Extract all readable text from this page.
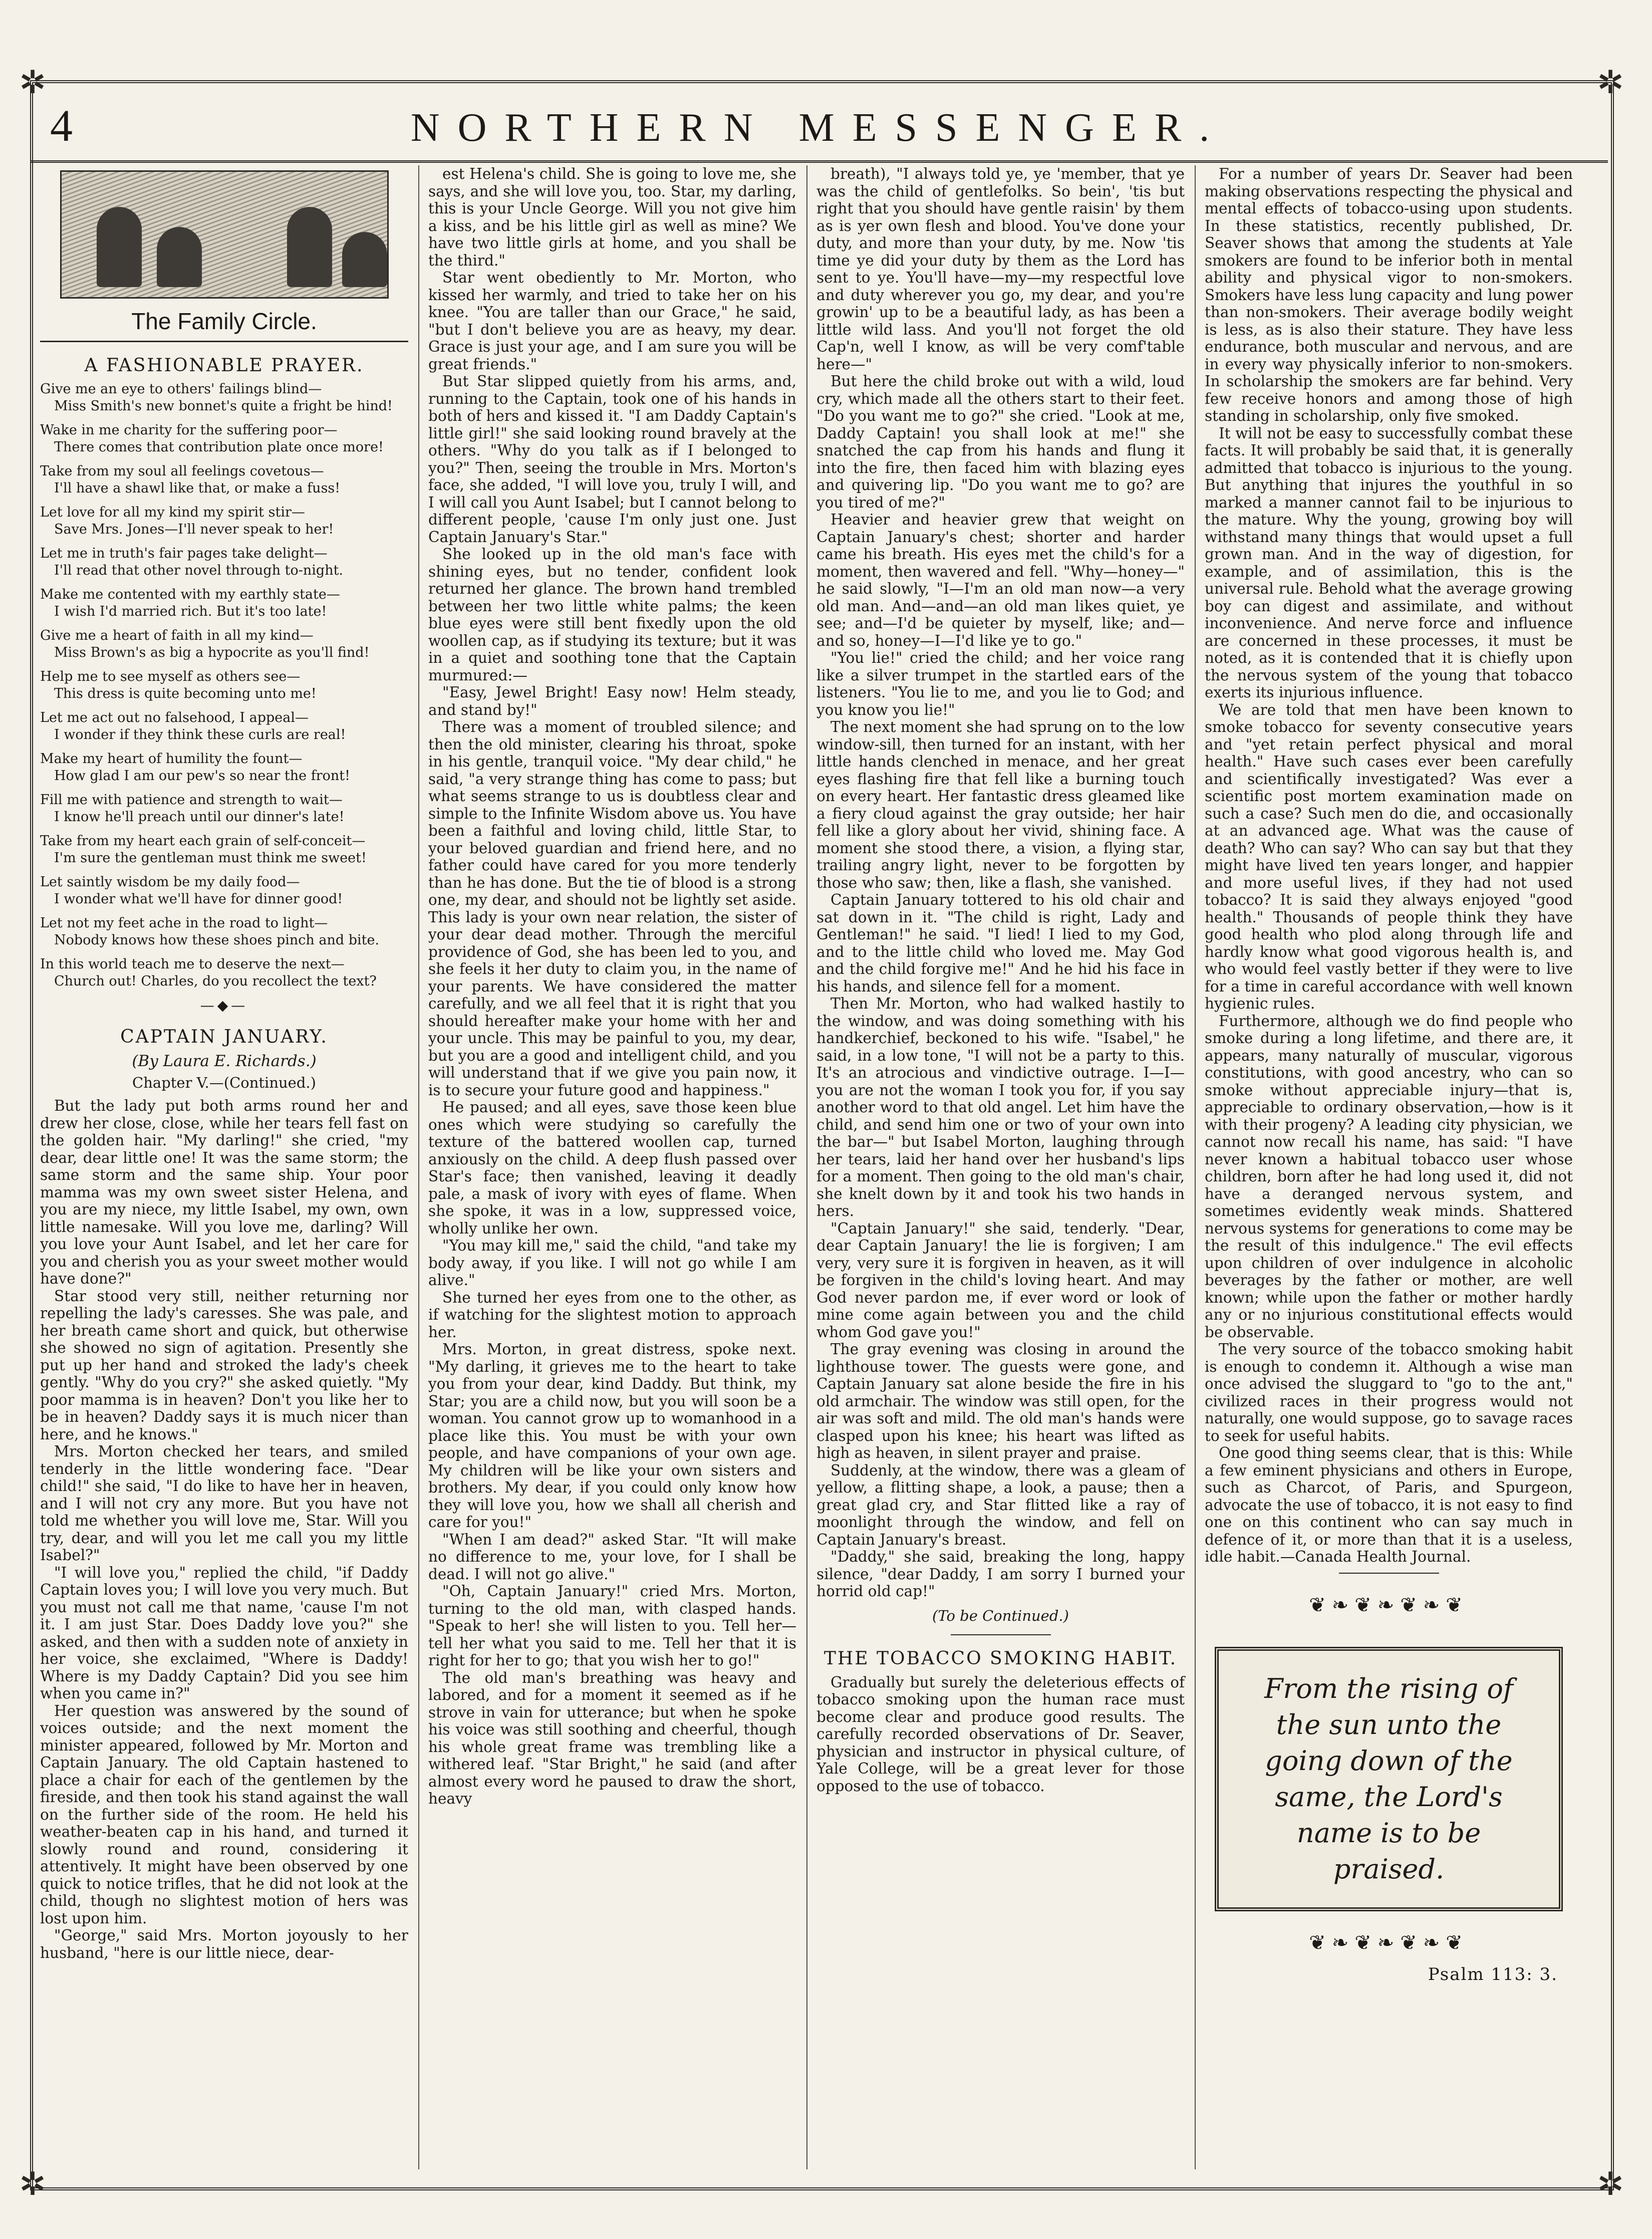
✲	✲
✲	✲
4	NORTHERN MESSENGER.
The Family Circle.
A FASHIONABLE PRAYER.

Give me an eye to others' failings blind—
Miss Smith's new bonnet's quite a fright be hind!

Wake in me charity for the suffering poor—
There comes that contribution plate once more!

Take from my soul all feelings covetous—
I'll have a shawl like that, or make a fuss!

Let love for all my kind my spirit stir—
Save Mrs. Jones—I'll never speak to her!

Let me in truth's fair pages take delight—
I'll read that other novel through to-night.

Make me contented with my earthly state—
I wish I'd married rich. But it's too late!

Give me a heart of faith in all my kind—
Miss Brown's as big a hypocrite as you'll find!

Help me to see myself as others see—
This dress is quite becoming unto me!

Let me act out no falsehood, I appeal—
I wonder if they think these curls are real!

Make my heart of humility the fount—
How glad I am our pew's so near the front!

Fill me with patience and strength to wait—
I know he'll preach until our dinner's late!

Take from my heart each grain of self-conceit—
I'm sure the gentleman must think me sweet!

Let saintly wisdom be my daily food—
I wonder what we'll have for dinner good!

Let not my feet ache in the road to light—
Nobody knows how these shoes pinch and bite.

In this world teach me to deserve the next—
Church out! Charles, do you recollect the text?

—◆—
CAPTAIN JANUARY.
(By Laura E. Richards.)
Chapter V.—(Continued.)

But the lady put both arms round her and drew her close, close, while her tears fell fast on the golden hair. "My darling!" she cried, "my dear, dear little one! It was the same storm; the same storm and the same ship. Your poor mamma was my own sweet sister Helena, and you are my niece, my little Isabel, my own, own little namesake. Will you love me, darling? Will you love your Aunt Isabel, and let her care for you and cherish you as your sweet mother would have done?"

Star stood very still, neither returning nor repelling the lady's caresses. She was pale, and her breath came short and quick, but otherwise she showed no sign of agitation. Presently she put up her hand and stroked the lady's cheek gently. "Why do you cry?" she asked quietly. "My poor mamma is in heaven? Don't you like her to be in heaven? Daddy says it is much nicer than here, and he knows."

Mrs. Morton checked her tears, and smiled tenderly in the little wondering face. "Dear child!" she said, "I do like to have her in heaven, and I will not cry any more. But you have not told me whether you will love me, Star. Will you try, dear, and will you let me call you my little Isabel?"

"I will love you," replied the child, "if Daddy Captain loves you; I will love you very much. But you must not call me that name, 'cause I'm not it. I am just Star. Does Daddy love you?" she asked, and then with a sudden note of anxiety in her voice, she exclaimed, "Where is Daddy! Where is my Daddy Captain? Did you see him when you came in?"

Her question was answered by the sound of voices outside; and the next moment the minister appeared, followed by Mr. Morton and Captain January. The old Captain hastened to place a chair for each of the gentlemen by the fireside, and then took his stand against the wall on the further side of the room. He held his weather-beaten cap in his hand, and turned it slowly round and round, considering it attentively. It might have been observed by one quick to notice trifles, that he did not look at the child, though no slightest motion of hers was lost upon him.

"George," said Mrs. Morton joyously to her husband, "here is our little niece, dear-

est Helena's child. She is going to love me, she says, and she will love you, too. Star, my darling, this is your Uncle George. Will you not give him a kiss, and be his little girl as well as mine? We have two little girls at home, and you shall be the third."

Star went obediently to Mr. Morton, who kissed her warmly, and tried to take her on his knee. "You are taller than our Grace," he said, "but I don't believe you are as heavy, my dear. Grace is just your age, and I am sure you will be great friends."

But Star slipped quietly from his arms, and, running to the Captain, took one of his hands in both of hers and kissed it. "I am Daddy Captain's little girl!" she said looking round bravely at the others. "Why do you talk as if I belonged to you?" Then, seeing the trouble in Mrs. Morton's face, she added, "I will love you, truly I will, and I will call you Aunt Isabel; but I cannot belong to different people, 'cause I'm only just one. Just Captain January's Star."

She looked up in the old man's face with shining eyes, but no tender, confident look returned her glance. The brown hand trembled between her two little white palms; the keen blue eyes were still bent fixedly upon the old woollen cap, as if studying its texture; but it was in a quiet and soothing tone that the Captain murmured:—

"Easy, Jewel Bright! Easy now! Helm steady, and stand by!"

There was a moment of troubled silence; and then the old minister, clearing his throat, spoke in his gentle, tranquil voice. "My dear child," he said, "a very strange thing has come to pass; but what seems strange to us is doubtless clear and simple to the Infinite Wisdom above us. You have been a faithful and loving child, little Star, to your beloved guardian and friend here, and no father could have cared for you more tenderly than he has done. But the tie of blood is a strong one, my dear, and should not be lightly set aside. This lady is your own near relation, the sister of your dear dead mother. Through the merciful providence of God, she has been led to you, and she feels it her duty to claim you, in the name of your parents. We have considered the matter carefully, and we all feel that it is right that you should hereafter make your home with her and your uncle. This may be painful to you, my dear, but you are a good and intelligent child, and you will understand that if we give you pain now, it is to secure your future good and happiness."

He paused; and all eyes, save those keen blue ones which were studying so carefully the texture of the battered woollen cap, turned anxiously on the child. A deep flush passed over Star's face; then vanished, leaving it deadly pale, a mask of ivory with eyes of flame. When she spoke, it was in a low, suppressed voice, wholly unlike her own.

"You may kill me," said the child, "and take my body away, if you like. I will not go while I am alive."

She turned her eyes from one to the other, as if watching for the slightest motion to approach her.

Mrs. Morton, in great distress, spoke next. "My darling, it grieves me to the heart to take you from your dear, kind Daddy. But think, my Star; you are a child now, but you will soon be a woman. You cannot grow up to womanhood in a place like this. You must be with your own people, and have companions of your own age. My children will be like your own sisters and brothers. My dear, if you could only know how they will love you, how we shall all cherish and care for you!"

"When I am dead?" asked Star. "It will make no difference to me, your love, for I shall be dead. I will not go alive."

"Oh, Captain January!" cried Mrs. Morton, turning to the old man, with clasped hands. "Speak to her! she will listen to you. Tell her—tell her what you said to me. Tell her that it is right for her to go; that you wish her to go!"

The old man's breathing was heavy and labored, and for a moment it seemed as if he strove in vain for utterance; but when he spoke his voice was still soothing and cheerful, though his whole great frame was trembling like a withered leaf. "Star Bright," he said (and after almost every word he paused to draw the short, heavy

breath), "I always told ye, ye 'member, that ye was the child of gentlefolks. So bein', 'tis but right that you should have gentle raisin' by them as is yer own flesh and blood. You've done your duty, and more than your duty, by me. Now 'tis time ye did your duty by them as the Lord has sent to ye. You'll have—my—my respectful love and duty wherever you go, my dear, and you're growin' up to be a beautiful lady, as has been a little wild lass. And you'll not forget the old Cap'n, well I know, as will be very comf'table here—"

But here the child broke out with a wild, loud cry, which made all the others start to their feet. "Do you want me to go?" she cried. "Look at me, Daddy Captain! you shall look at me!" she snatched the cap from his hands and flung it into the fire, then faced him with blazing eyes and quivering lip. "Do you want me to go? are you tired of me?"

Heavier and heavier grew that weight on Captain January's chest; shorter and harder came his breath. His eyes met the child's for a moment, then wavered and fell. "Why—honey—" he said slowly, "I—I'm an old man now—a very old man. And—and—an old man likes quiet, ye see; and—I'd be quieter by myself, like; and—and so, honey—I—I'd like ye to go."

"You lie!" cried the child; and her voice rang like a silver trumpet in the startled ears of the listeners. "You lie to me, and you lie to God; and you know you lie!"

The next moment she had sprung on to the low window-sill, then turned for an instant, with her little hands clenched in menace, and her great eyes flashing fire that fell like a burning touch on every heart. Her fantastic dress gleamed like a fiery cloud against the gray outside; her hair fell like a glory about her vivid, shining face. A moment she stood there, a vision, a flying star, trailing angry light, never to be forgotten by those who saw; then, like a flash, she vanished.

Captain January tottered to his old chair and sat down in it. "The child is right, Lady and Gentleman!" he said. "I lied! I lied to my God, and to the little child who loved me. May God and the child forgive me!" And he hid his face in his hands, and silence fell for a moment.

Then Mr. Morton, who had walked hastily to the window, and was doing something with his handkerchief, beckoned to his wife. "Isabel," he said, in a low tone, "I will not be a party to this. It's an atrocious and vindictive outrage. I—I—you are not the woman I took you for, if you say another word to that old angel. Let him have the child, and send him one or two of your own into the bar—" but Isabel Morton, laughing through her tears, laid her hand over her husband's lips for a moment. Then going to the old man's chair, she knelt down by it and took his two hands in hers.

"Captain January!" she said, tenderly. "Dear, dear Captain January! the lie is forgiven; I am very, very sure it is forgiven in heaven, as it will be forgiven in the child's loving heart. And may God never pardon me, if ever word or look of mine come again between you and the child whom God gave you!"

The gray evening was closing in around the lighthouse tower. The guests were gone, and Captain January sat alone beside the fire in his old armchair. The window was still open, for the air was soft and mild. The old man's hands were clasped upon his knee; his heart was lifted as high as heaven, in silent prayer and praise.

Suddenly, at the window, there was a gleam of yellow, a flitting shape, a look, a pause; then a great glad cry, and Star flitted like a ray of moonlight through the window, and fell on Captain January's breast.

"Daddy," she said, breaking the long, happy silence, "dear Daddy, I am sorry I burned your horrid old cap!"

(To be Continued.)
THE TOBACCO SMOKING HABIT.

Gradually but surely the deleterious effects of tobacco smoking upon the human race must become clear and produce good results. The carefully recorded observations of Dr. Seaver, physician and instructor in physical culture, of Yale College, will be a great lever for those opposed to the use of tobacco.

For a number of years Dr. Seaver had been making observations respecting the physical and mental effects of tobacco-using upon students. In these statistics, recently published, Dr. Seaver shows that among the students at Yale smokers are found to be inferior both in mental ability and physical vigor to non-smokers. Smokers have less lung capacity and lung power than non-smokers. Their average bodily weight is less, as is also their stature. They have less endurance, both muscular and nervous, and are in every way physically inferior to non-smokers. In scholarship the smokers are far behind. Very few receive honors and among those of high standing in scholarship, only five smoked.

It will not be easy to successfully combat these facts. It will probably be said that, it is generally admitted that tobacco is injurious to the young. But anything that injures the youthful in so marked a manner cannot fail to be injurious to the mature. Why the young, growing boy will withstand many things that would upset a full grown man. And in the way of digestion, for example, and of assimilation, this is the universal rule. Behold what the average growing boy can digest and assimilate, and without inconvenience. And nerve force and influence are concerned in these processes, it must be noted, as it is contended that it is chiefly upon the nervous system of the young that tobacco exerts its injurious influence.

We are told that men have been known to smoke tobacco for seventy consecutive years and "yet retain perfect physical and moral health." Have such cases ever been carefully and scientifically investigated? Was ever a scientific post mortem examination made on such a case? Such men do die, and occasionally at an advanced age. What was the cause of death? Who can say? Who can say but that they might have lived ten years longer, and happier and more useful lives, if they had not used tobacco? It is said they always enjoyed "good health." Thousands of people think they have good health who plod along through life and hardly know what good vigorous health is, and who would feel vastly better if they were to live for a time in careful accordance with well known hygienic rules.

Furthermore, although we do find people who smoke during a long lifetime, and there are, it appears, many naturally of muscular, vigorous constitutions, with good ancestry, who can so smoke without appreciable injury—that is, appreciable to ordinary observation,—how is it with their progeny? A leading city physician, we cannot now recall his name, has said: "I have never known a habitual tobacco user whose children, born after he had long used it, did not have a deranged nervous system, and sometimes evidently weak minds. Shattered nervous systems for generations to come may be the result of this indulgence." The evil effects upon children of over indulgence in alcoholic beverages by the father or mother, are well known; while upon the father or mother hardly any or no injurious constitutional effects would be observable.

The very source of the tobacco smoking habit is enough to condemn it. Although a wise man once advised the sluggard to "go to the ant," civilized races in their progress would not naturally, one would suppose, go to savage races to seek for useful habits.

One good thing seems clear, that is this: While a few eminent physicians and others in Europe, such as Charcot, of Paris, and Spurgeon, advocate the use of tobacco, it is not easy to find one on this continent who can say much in defence of it, or more than that it is a useless, idle habit.—Canada Health Journal.

❦❧❦❧❦❧❦
From the rising of the sun unto the going down of the same, the Lord's name is to be praised.
❦❧❦❧❦❧❦
Psalm 113: 3.
